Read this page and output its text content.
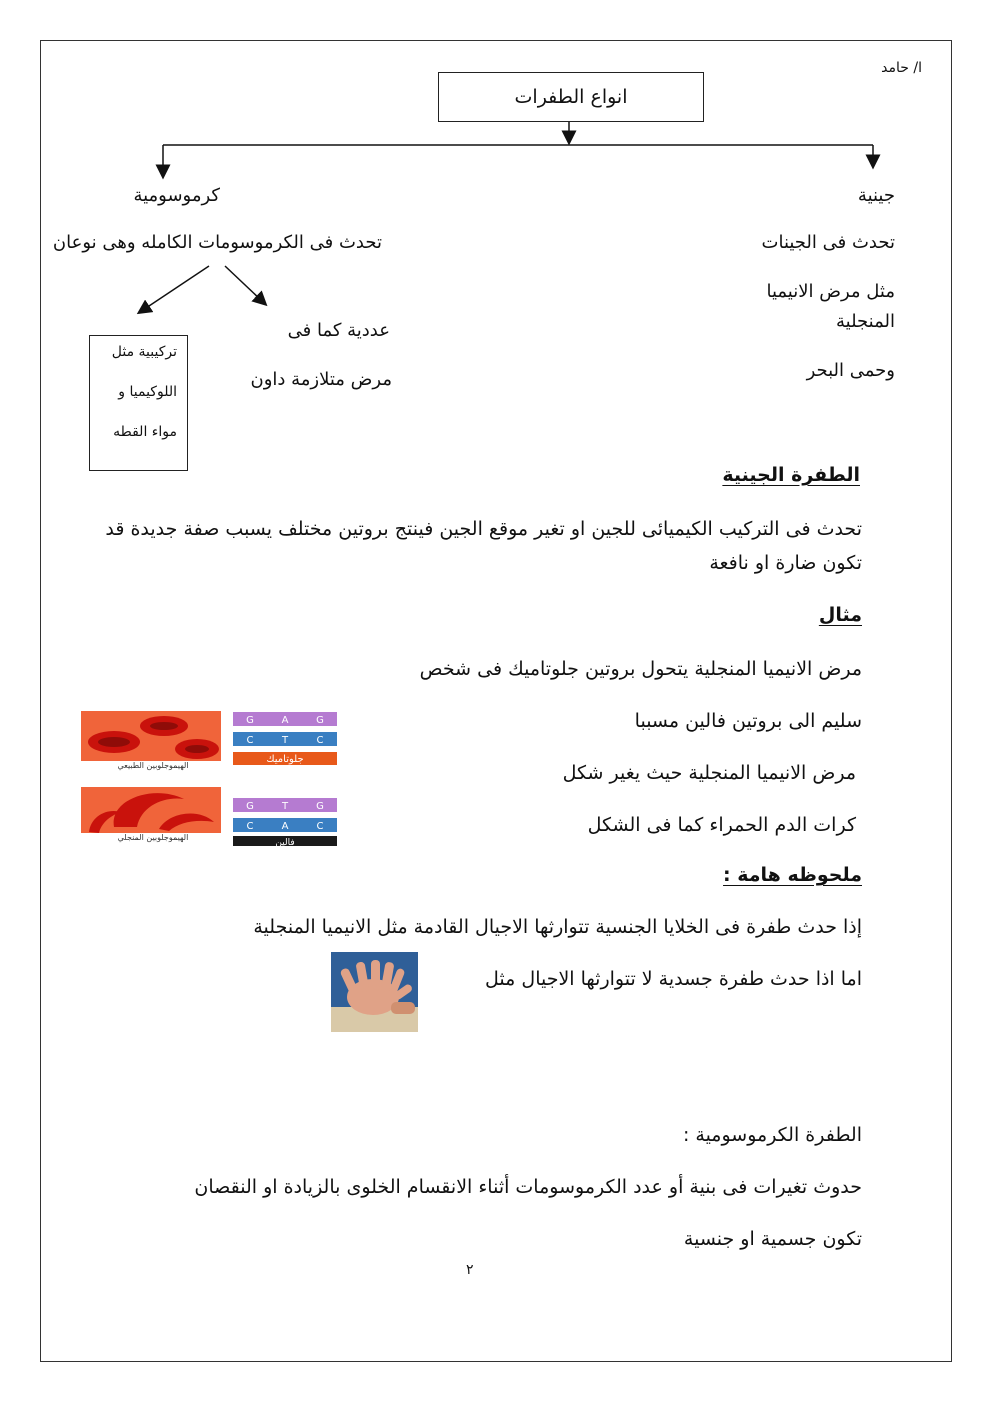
ا/ حامد
انواع الطفرات
جينية
تحدث فى الجينات
مثل مرض الانيميا
المنجلية
وحمى البحر
كرموسومية
تحدث فى الكرموسومات الكامله وهى نوعان
عددية كما فى
مرض متلازمة داون
تركيبية مثل
اللوكيميا و
مواء القطه
الطفرة الجينية
تحدث فى التركيب الكيميائى للجين او تغير موقع الجين فينتج بروتين مختلف يسبب صفة جديدة قد
تكون ضارة او نافعة
مثال
مرض الانيميا المنجلية يتحول بروتين جلوتاميك فى شخص
سليم الى بروتين فالين مسببا
مرض الانيميا المنجلية حيث يغير شكل
كرات الدم الحمراء كما فى الشكل
الهيموجلوبين الطبيعي
G	A	G
C	T	C
جلوتاميك
الهيموجلوبين المنجلي
G	T	G
C	A	C
فالين
ملحوظه هامة :
إذا حدث طفرة فى الخلايا الجنسية تتوارثها الاجيال القادمة مثل الانيميا المنجلية
اما اذا حدث طفرة جسدية لا تتوارثها الاجيال مثل
الطفرة الكرموسومية :
حدوث تغيرات فى بنية أو عدد الكرموسومات أثناء الانقسام الخلوى بالزيادة او النقصان
تكون جسمية او جنسية
٢
